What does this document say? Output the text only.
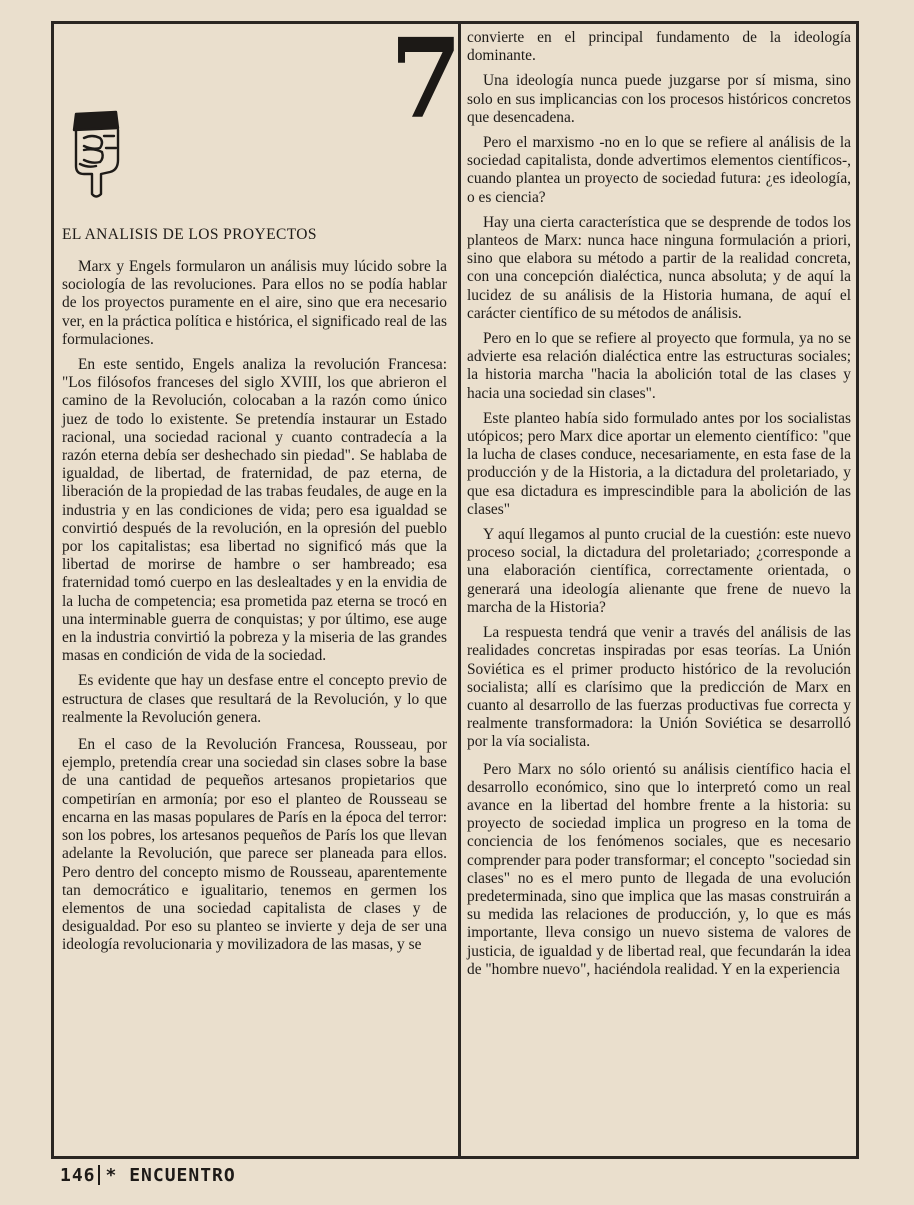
7
EL ANALISIS DE LOS PROYECTOS

Marx y Engels formularon un análisis muy lúcido sobre la sociología de las revoluciones. Para ellos no se podía hablar de los proyectos puramente en el aire, sino que era necesario ver, en la práctica política e histórica, el significado real de las formulaciones.

En este sentido, Engels analiza la revolución Francesa: "Los filósofos franceses del siglo XVIII, los que abrieron el camino de la Revolución, colocaban a la razón como único juez de todo lo existente. Se pretendía instaurar un Estado racional, una sociedad racional y cuanto contradecía a la razón eterna debía ser deshechado sin piedad". Se hablaba de igualdad, de libertad, de fraternidad, de paz eterna, de liberación de la propiedad de las trabas feudales, de auge en la industria y en las condiciones de vida; pero esa igualdad se convirtió después de la revolución, en la opresión del pueblo por los capitalistas; esa libertad no significó más que la libertad de morirse de hambre o ser hambreado; esa fraternidad tomó cuerpo en las deslealtades y en la envidia de la lucha de competencia; esa prometida paz eterna se trocó en una interminable guerra de conquistas; y por último, ese auge en la industria convirtió la pobreza y la miseria de las grandes masas en condición de vida de la sociedad.

Es evidente que hay un desfase entre el concepto previo de estructura de clases que resultará de la Revolución, y lo que realmente la Revolución genera.

En el caso de la Revolución Francesa, Rousseau, por ejemplo, pretendía crear una sociedad sin clases sobre la base de una cantidad de pequeños artesanos propietarios que competirían en armonía; por eso el planteo de Rousseau se encarna en las masas populares de París en la época del terror: son los pobres, los artesanos pequeños de París los que llevan adelante la Revolución, que parece ser planeada para ellos. Pero dentro del concepto mismo de Rousseau, aparentemente tan democrático e igualitario, tenemos en germen los elementos de una sociedad capitalista de clases y de desigualdad. Por eso su planteo se invierte y deja de ser una ideología revolucionaria y movilizadora de las masas, y se

convierte en el principal fundamento de la ideología dominante.

Una ideología nunca puede juzgarse por sí misma, sino solo en sus implicancias con los procesos históricos concretos que desencadena.

Pero el marxismo -no en lo que se refiere al análisis de la sociedad capitalista, donde advertimos elementos científicos-, cuando plantea un proyecto de sociedad futura: ¿es ideología, o es ciencia?

Hay una cierta característica que se desprende de todos los planteos de Marx: nunca hace ninguna formulación a priori, sino que elabora su método a partir de la realidad concreta, con una concepción dialéctica, nunca absoluta; y de aquí la lucidez de su análisis de la Historia humana, de aquí el carácter científico de su métodos de análisis.

Pero en lo que se refiere al proyecto que formula, ya no se advierte esa relación dialéctica entre las estructuras sociales; la historia marcha "hacia la abolición total de las clases y hacia una sociedad sin clases".

Este planteo había sido formulado antes por los socialistas utópicos; pero Marx dice aportar un elemento científico: "que la lucha de clases conduce, necesariamente, en esta fase de la producción y de la Historia, a la dictadura del proletariado, y que esa dictadura es imprescindible para la abolición de las clases"

Y aquí llegamos al punto crucial de la cuestión: este nuevo proceso social, la dictadura del proletariado; ¿corresponde a una elaboración científica, correctamente orientada, o generará una ideología alienante que frene de nuevo la marcha de la Historia?

La respuesta tendrá que venir a través del análisis de las realidades concretas inspiradas por esas teorías. La Unión Soviética es el primer producto histórico de la revolución socialista; allí es clarísimo que la predicción de Marx en cuanto al desarrollo de las fuerzas productivas fue correcta y realmente transformadora: la Unión Soviética se desarrolló por la vía socialista.

Pero Marx no sólo orientó su análisis científico hacia el desarrollo económico, sino que lo interpretó como un real avance en la libertad del hombre frente a la historia: su proyecto de sociedad implica un progreso en la toma de conciencia de los fenómenos sociales, que es necesario comprender para poder transformar; el concepto "sociedad sin clases" no es el mero punto de llegada de una evolución predeterminada, sino que implica que las masas construirán a su medida las relaciones de producción, y, lo que es más importante, lleva consigo un nuevo sistema de valores de justicia, de igualdad y de libertad real, que fecundarán la idea de "hombre nuevo", haciéndola realidad. Y en la experiencia

146 * ENCUENTRO
